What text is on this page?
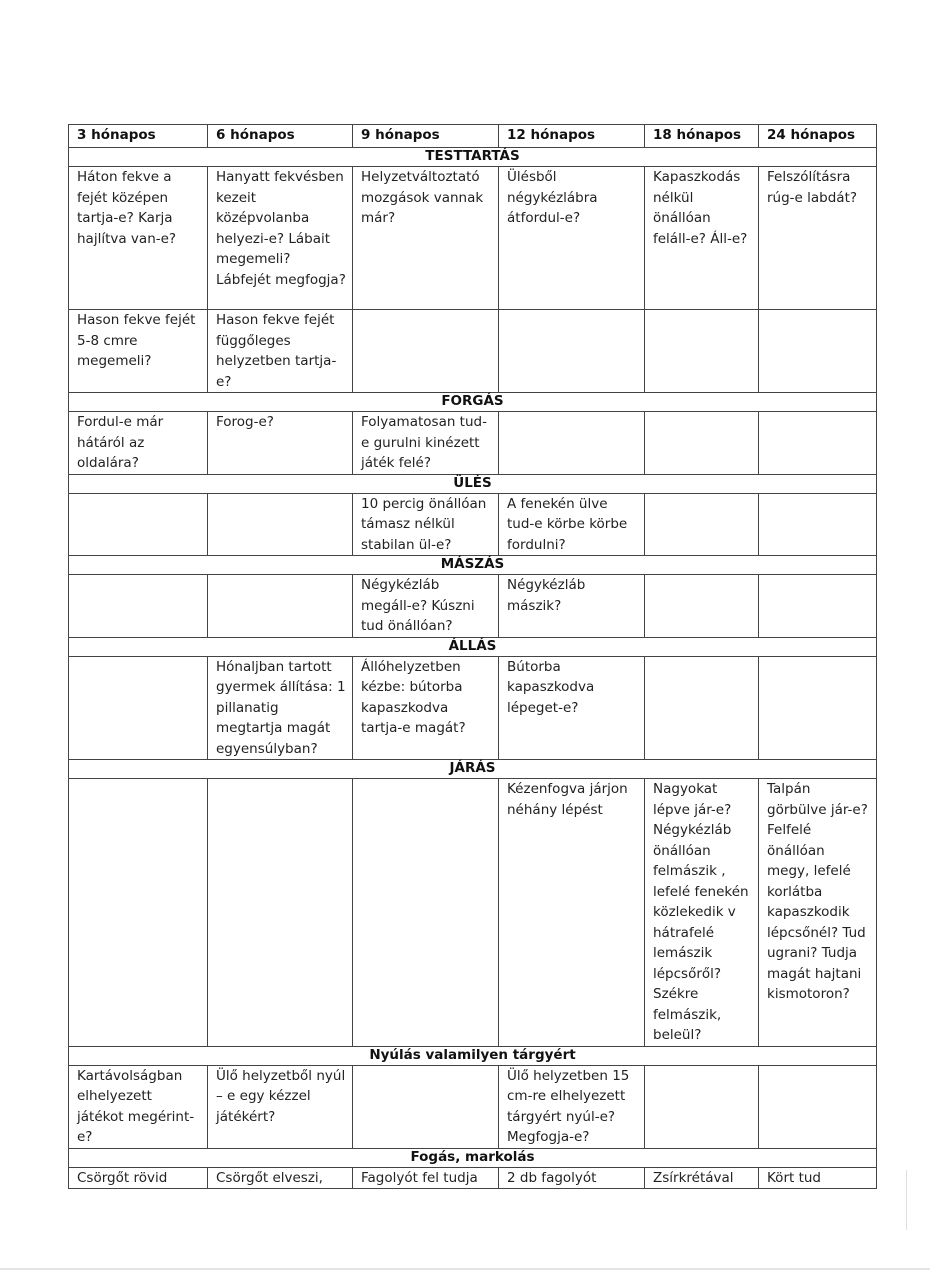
3 hónapos	6 hónapos	9 hónapos	12 hónapos	18 hónapos	24 hónapos
TESTTARTÁS					
Háton fekve a fejét középen tartja-e? Karja hajlítva van-e?	Hanyatt fekvésben kezeit középvolanba helyezi-e? Lábait megemeli? Lábfejét megfogja?	Helyzetváltoztató mozgások vannak már?	Ülésből négykézlábra átfordul-e?	Kapaszkodás nélkül önállóan feláll-e? Áll-e?	Felszólításra rúg-e labdát?
Hason fekve fejét 5-8 cmre megemeli?	Hason fekve fejét függőleges helyzetben tartja-e?				
FORGÁS					
Fordul-e már hátáról az oldalára?	Forog-e?	Folyamatosan tud-e gurulni kinézett játék felé?			
ÜLÉS					
		10 percig önállóan támasz nélkül stabilan ül-e?	A fenekén ülve tud-e körbe körbe fordulni?		
MÁSZÁS					
		Négykézláb megáll-e? Kúszni tud önállóan?	Négykézláb mászik?		
ÁLLÁS					
	Hónaljban tartott gyermek állítása: 1 pillanatig megtartja magát egyensúlyban?	Állóhelyzetben kézbe: bútorba kapaszkodva tartja-e magát?	Bútorba kapaszkodva lépeget-e?		
JÁRÁS					
			Kézenfogva járjon néhány lépést	Nagyokat lépve jár-e? Négykézláb önállóan felmászik , lefelé fenekén közlekedik v hátrafelé lemászik lépcsőről? Székre felmászik, beleül?	Talpán görbülve jár-e? Felfelé önállóan megy, lefelé korlátba kapaszkodik lépcsőnél? Tud ugrani? Tudja magát hajtani kismotoron?
Nyúlás valamilyen tárgyért					
Kartávolságban elhelyezett játékot megérint-e?	Ülő helyzetből nyúl – e egy kézzel játékért?		Ülő helyzetben 15 cm-re elhelyezett tárgyért nyúl-e? Megfogja-e?		
Fogás, markolás					
Csörgőt rövid	Csörgőt elveszi,	Fagolyót fel tudja	2 db fagolyót	Zsírkrétával	Kört tud
